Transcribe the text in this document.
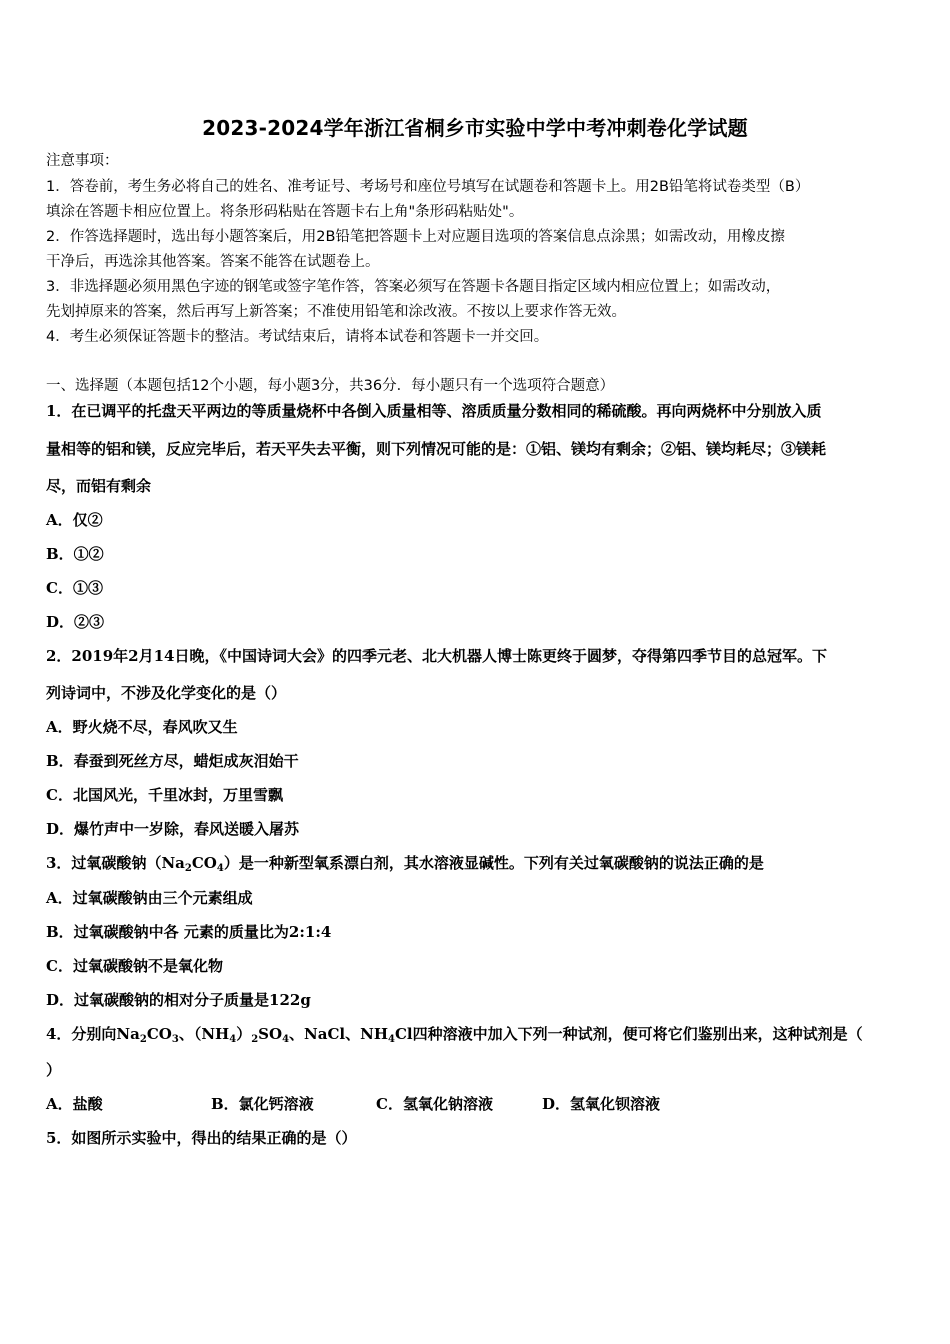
2023-2024学年浙江省桐乡市实验中学中考冲刺卷化学试题
注意事项：
1．答卷前，考生务必将自己的姓名、准考证号、考场号和座位号填写在试题卷和答题卡上。用2B铅笔将试卷类型（B）
填涂在答题卡相应位置上。将条形码粘贴在答题卡右上角"条形码粘贴处"。
2．作答选择题时，选出每小题答案后，用2B铅笔把答题卡上对应题目选项的答案信息点涂黑；如需改动，用橡皮擦
干净后，再选涂其他答案。答案不能答在试题卷上。
3．非选择题必须用黑色字迹的钢笔或签字笔作答，答案必须写在答题卡各题目指定区域内相应位置上；如需改动，
先划掉原来的答案，然后再写上新答案；不准使用铅笔和涂改液。不按以上要求作答无效。
4．考生必须保证答题卡的整洁。考试结束后，请将本试卷和答题卡一并交回。
一、选择题（本题包括12个小题，每小题3分，共36分．每小题只有一个选项符合题意）
1．在已调平的托盘天平两边的等质量烧杯中各倒入质量相等、溶质质量分数相同的稀硫酸。再向两烧杯中分别放入质
量相等的铝和镁，反应完毕后，若天平失去平衡，则下列情况可能的是：①铝、镁均有剩余；②铝、镁均耗尽；③镁耗
尽，而铝有剩余
A．仅②
B．①②
C．①③
D．②③
2．2019年2月14日晚，《中国诗词大会》的四季元老、北大机器人博士陈更终于圆梦，夺得第四季节目的总冠军。下
列诗词中，不涉及化学变化的是（）
A．野火烧不尽，春风吹又生
B．春蚕到死丝方尽，蜡炬成灰泪始干
C．北国风光，千里冰封，万里雪飘
D．爆竹声中一岁除，春风送暖入屠苏
3．过氧碳酸钠$(Na_2CO_4)$是一种新型氧系漂白剂，其水溶液显碱性。下列有关过氧碳酸钠的说法正确的是
A．过氧碳酸钠由三个元素组成
B．过氧碳酸钠中各 元素的质量比为2:1:4
C．过氧碳酸钠不是氧化物
D．过氧碳酸钠的相对分子质量是122g
4．分别向$Na_2CO_3$、$(NH_4)_2SO_4$、NaCl、$NH_4Cl$四种溶液中加入下列一种试剂，便可将它们鉴别出来，这种试剂是（
）
A．盐酸	B．氯化钙溶液	C．氢氧化钠溶液	D．氢氧化钡溶液
5．如图所示实验中，得出的结果正确的是（）
